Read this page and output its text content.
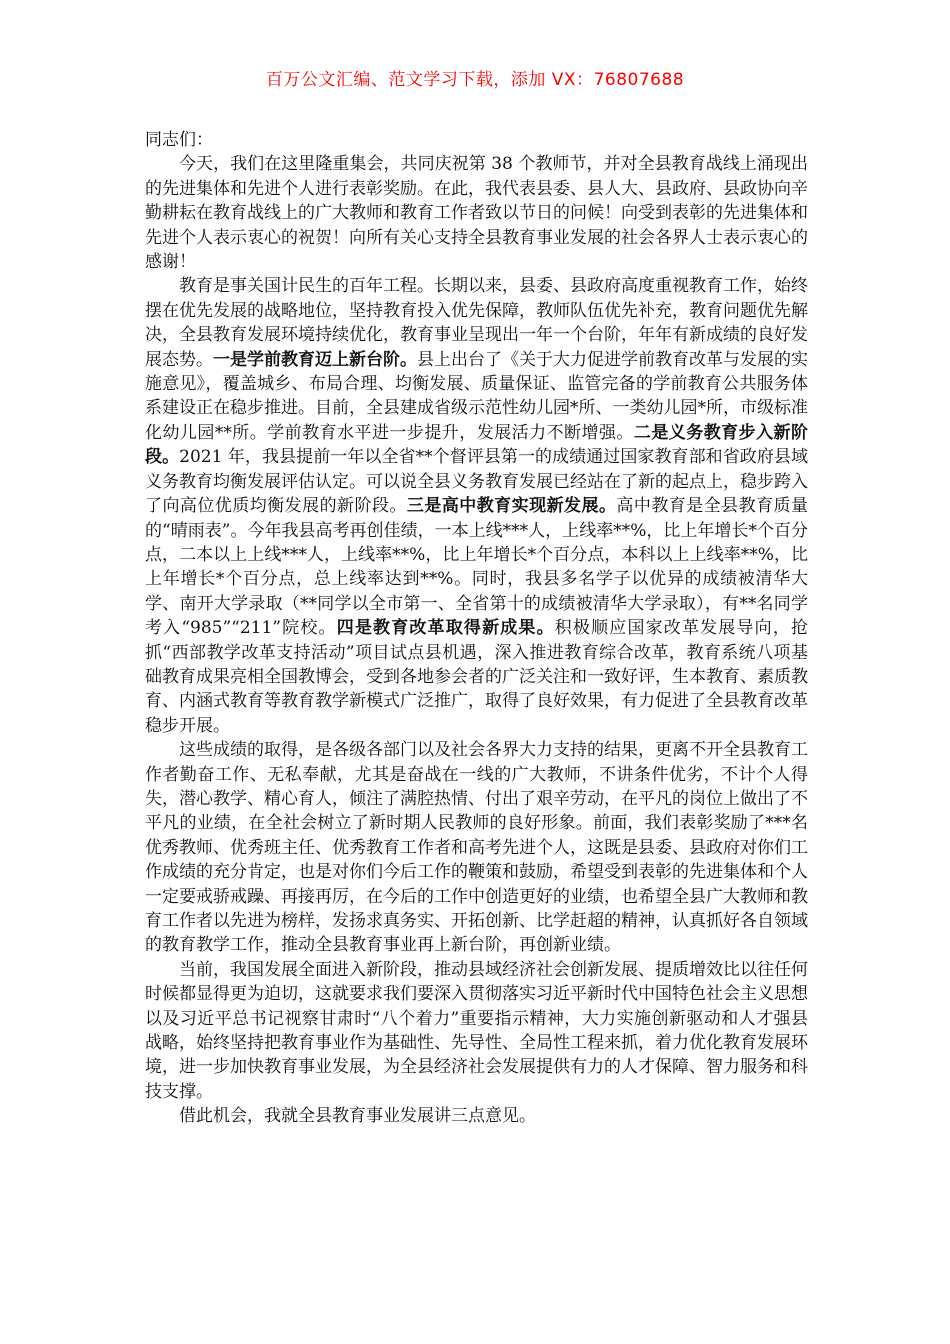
百万公文汇编、范文学习下载，添加 VX：76807688

同志们：

今天，我们在这里隆重集会，共同庆祝第 38 个教师节，并对全县教育战线上涌现出的先进集体和先进个人进行表彰奖励。在此，我代表县委、县人大、县政府、县政协向辛勤耕耘在教育战线上的广大教师和教育工作者致以节日的问候！向受到表彰的先进集体和先进个人表示衷心的祝贺！向所有关心支持全县教育事业发展的社会各界人士表示衷心的感谢！

教育是事关国计民生的百年工程。长期以来，县委、县政府高度重视教育工作，始终摆在优先发展的战略地位，坚持教育投入优先保障，教师队伍优先补充，教育问题优先解决，全县教育发展环境持续优化，教育事业呈现出一年一个台阶，年年有新成绩的良好发展态势。一是学前教育迈上新台阶。县上出台了《关于大力促进学前教育改革与发展的实施意见》，覆盖城乡、布局合理、均衡发展、质量保证、监管完备的学前教育公共服务体系建设正在稳步推进。目前，全县建成省级示范性幼儿园*所、一类幼儿园*所，市级标准化幼儿园**所。学前教育水平进一步提升，发展活力不断增强。二是义务教育步入新阶段。2021 年，我县提前一年以全省**个督评县第一的成绩通过国家教育部和省政府县域义务教育均衡发展评估认定。可以说全县义务教育发展已经站在了新的起点上，稳步跨入了向高位优质均衡发展的新阶段。三是高中教育实现新发展。高中教育是全县教育质量的“晴雨表”。今年我县高考再创佳绩，一本上线***人，上线率**%，比上年增长*个百分点，二本以上上线***人，上线率**%，比上年增长*个百分点，本科以上上线率**%，比上年增长*个百分点，总上线率达到**%。同时，我县多名学子以优异的成绩被清华大学、南开大学录取（**同学以全市第一、全省第十的成绩被清华大学录取），有**名同学考入“985”“211”院校。四是教育改革取得新成果。积极顺应国家改革发展导向，抢抓“西部教学改革支持活动”项目试点县机遇，深入推进教育综合改革，教育系统八项基础教育成果亮相全国教博会，受到各地参会者的广泛关注和一致好评，生本教育、素质教育、内涵式教育等教育教学新模式广泛推广，取得了良好效果，有力促进了全县教育改革稳步开展。

这些成绩的取得，是各级各部门以及社会各界大力支持的结果，更离不开全县教育工作者勤奋工作、无私奉献，尤其是奋战在一线的广大教师，不讲条件优劣，不计个人得失，潜心教学、精心育人，倾注了满腔热情、付出了艰辛劳动，在平凡的岗位上做出了不平凡的业绩，在全社会树立了新时期人民教师的良好形象。前面，我们表彰奖励了***名优秀教师、优秀班主任、优秀教育工作者和高考先进个人，这既是县委、县政府对你们工作成绩的充分肯定，也是对你们今后工作的鞭策和鼓励，希望受到表彰的先进集体和个人一定要戒骄戒躁、再接再厉，在今后的工作中创造更好的业绩，也希望全县广大教师和教育工作者以先进为榜样，发扬求真务实、开拓创新、比学赶超的精神，认真抓好各自领域的教育教学工作，推动全县教育事业再上新台阶，再创新业绩。

当前，我国发展全面进入新阶段，推动县域经济社会创新发展、提质增效比以往任何时候都显得更为迫切，这就要求我们要深入贯彻落实习近平新时代中国特色社会主义思想以及习近平总书记视察甘肃时“八个着力”重要指示精神，大力实施创新驱动和人才强县战略，始终坚持把教育事业作为基础性、先导性、全局性工程来抓，着力优化教育发展环境，进一步加快教育事业发展，为全县经济社会发展提供有力的人才保障、智力服务和科技支撑。

借此机会，我就全县教育事业发展讲三点意见。
